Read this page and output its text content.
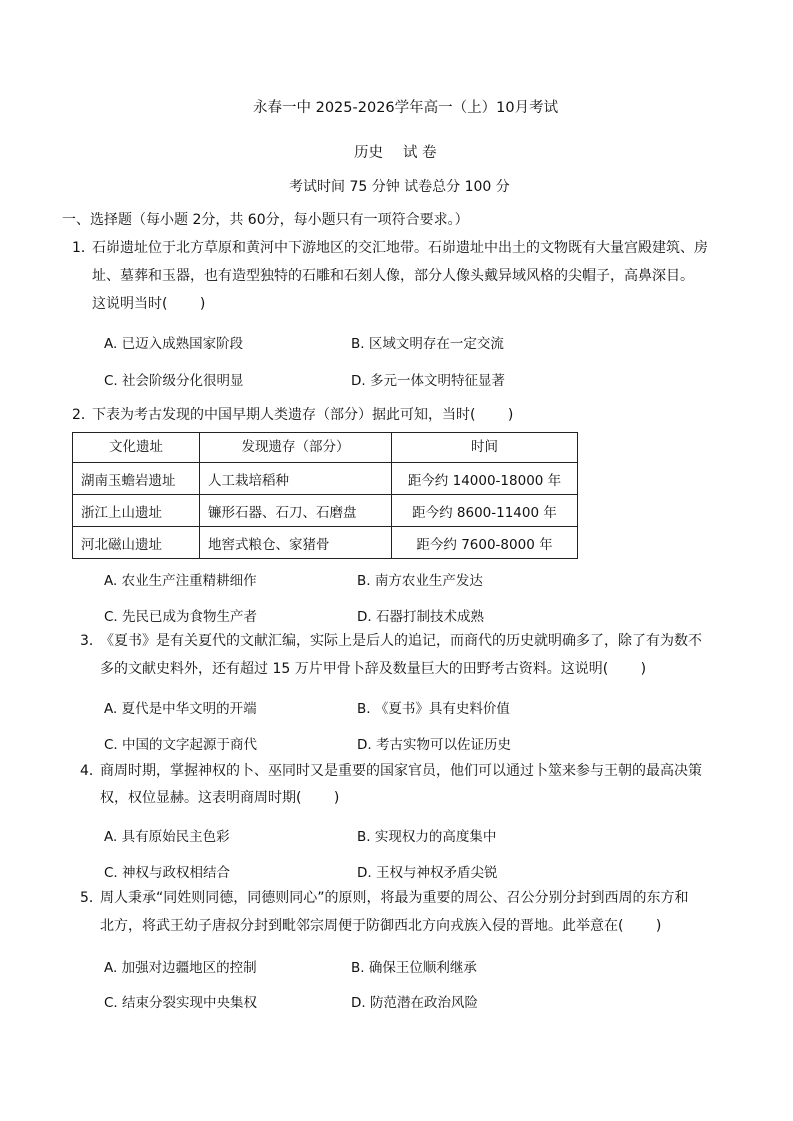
永春一中 2025-2026学年高一（上）10月考试
历史 试 卷
考试时间 75 分钟 试卷总分 100 分
一、选择题（每小题 2分，共 60分，每小题只有一项符合要求。）
1．
石峁遗址位于北方草原和黄河中下游地区的交汇地带。石峁遗址中出土的文物既有大量宫殿建筑、房
址、墓葬和玉器，也有造型独特的石雕和石刻人像，部分人像头戴异域风格的尖帽子，高鼻深目。
这说明当时(　　 )
A. 已迈入成熟国家阶段	B. 区域文明存在一定交流
C. 社会阶级分化很明显	D. 多元一体文明特征显著
2．
下表为考古发现的中国早期人类遗存（部分）据此可知，当时(　　 )
文化遗址	发现遗存（部分）	时间

湖南玉蟾岩遗址	人工栽培稻种	距今约 14000-18000 年
浙江上山遗址	镰形石器、石刀、石磨盘	距今约 8600-11400 年
河北磁山遗址	地窖式粮仓、家猪骨	距今约 7600-8000 年
A. 农业生产注重精耕细作	B. 南方农业生产发达
C. 先民已成为食物生产者	D. 石器打制技术成熟
3．
《夏书》是有关夏代的文献汇编，实际上是后人的追记，而商代的历史就明确多了，除了有为数不
多的文献史料外，还有超过 15 万片甲骨卜辞及数量巨大的田野考古资料。这说明(　　 )
A. 夏代是中华文明的开端	B. 《夏书》具有史料价值
C. 中国的文字起源于商代	D. 考古实物可以佐证历史
4．
商周时期，掌握神权的卜、巫同时又是重要的国家官员，他们可以通过卜筮来参与王朝的最高决策
权，权位显赫。这表明商周时期(　　 )
A. 具有原始民主色彩	B. 实现权力的高度集中
C. 神权与政权相结合	D. 王权与神权矛盾尖锐
5．
周人秉承“同姓则同德，同德则同心”的原则，将最为重要的周公、召公分别分封到西周的东方和
北方，将武王幼子唐叔分封到毗邻宗周便于防御西北方向戎族入侵的晋地。此举意在(　　 )
A. 加强对边疆地区的控制	B. 确保王位顺利继承
C. 结束分裂实现中央集权	D. 防范潜在政治风险
